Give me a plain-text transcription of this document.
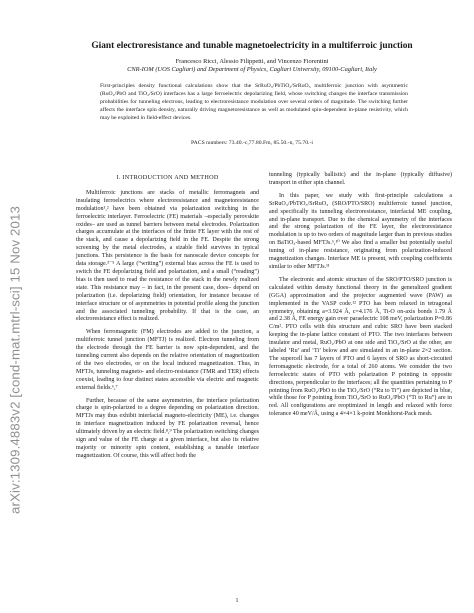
arXiv:1309.4883v2 [cond-mat.mtrl-sci] 15 Nov 2013
Giant electroresistance and tunable magnetoelectricity in a multiferroic junction
Francesco Ricci, Alessio Filippetti, and Vincenzo Fiorentini
CNR-IOM (UOS Cagliari) and Department of Physics, Cagliari University, 09100-Cagliari, Italy
First-principles density functional calculations show that the SrRuO₃/PbTiO₃/SrRuO₃ multiferroic junction with asymmetric (RuO₂/PbO and TiO₂/SrO) interfaces has a large ferroelectric depolarizing field, whose switching changes the interface transmission probabilities for tunneling electrons, leading to electroresistance modulation over several orders of magnitude. The switching further affects the interface spin density, naturally driving magnetoresistance as well as modulated spin-dependent in-plane resistivity, which may be exploited in field-effect devices.
PACS numbers: 73.40.-c,77.80.Fm, 85.50.-n, 75.70.-i
I. INTRODUCTION AND METHOD

Multiferroic junctions are stacks of metallic ferromagnets and insulating ferroelectrics where electroresistance and magnetoresistance modulation¹,² have been obtained via polarization switching in the ferroelectric interlayer. Ferroelectric (FE) materials –especially perovskite oxides– are used as tunnel barriers between metal electrodes. Polarization charges accumulate at the interfaces of the finite FE layer with the rest of the stack, and cause a depolarizing field in the FE. Despite the strong screening by the metal electrodes, a sizable field survives in typical junctions. This persistence is the basis for nanoscale device concepts for data storage.³⁻⁵ A large (“writing”) external bias across the FE is used to switch the FE depolarizing field and polarization, and a small (“reading”) bias is then used to read the resistance of the stack in the newly realized state. This resistance may – in fact, in the present case, does– depend on polarization (i.e. depolarizing field) orientation, for instance because of interface structure or of asymmetries in potential profile along the junction and the associated tunneling probability. If that is the case, an electroresistance effect is realized.

When ferromagnetic (FM) electrodes are added to the junction, a multiferroic tunnel junction (MFTJ) is realized. Electron tunneling from the electrode through the FE barrier is now spin-dependent, and the tunneling current also depends on the relative orientation of magnetization of the two electrodes, or on the local induced magnetization. Thus, in MFTJs, tunneling magneto- and electro-resistance (TMR and TER) effects coexist, leading to four distinct states accessible via electric and magnetic external fields.⁶,⁷

Further, because of the same asymmetries, the interface polarization charge is spin-polarized to a degree depending on polarization direction. MFTJs may thus exhibit interfacial magneto-electricity (ME), i.e. changes in interface magnetization induced by FE polarization reversal, hence ultimately driven by an electric field.⁸,⁹ The polarization switching changes sign and value of the FE charge at a given interface, but also its relative majority or minority spin content, establishing a tunable interface magnetization. Of course, this will affect both the

tunneling (typically ballistic) and the in-plane (typically diffusive) transport in either spin channel.

In this paper, we study with first-principle calculations a SrRuO₃/PbTiO₃/SrRuO₃ (SRO/PTO/SRO) multiferroic tunnel junction, and specifically its tunneling electroresistance, interfacial ME coupling, and in-plane transport. Due to the chemical asymmetry of the interfaces and the strong polarization of the FE layer, the electroresistance modulation is up to two orders of magnitude larger than in previous studies on BaTiO₃-based MFTJs.⁶,¹⁰ We also find a smaller but potentially useful tuning of in-plane resistance, originating from polarization-induced magnetization changes. Interface ME is present, with coupling coefficients similar to other MFTJs.¹¹

The electronic and atomic structure of the SRO/PTO/SRO junction is calculated within density functional theory in the generalized gradient (GGA) approximation and the projector augmented wave (PAW) as implemented in the VASP code.¹² PTO has been relaxed in tetragonal symmetry, obtaining a=3.924 Å, c=4.176 Å, Ti-O on-axis bonds 1.79 Å and 2.38 Å, FE energy gain over paraelectric 108 meV, polarization P=0.86 C/m². PTO cells with this structure and cubic SRO have been stacked keeping the in-plane lattice constant of PTO. The two interfaces between insulator and metal, RuO₂/PbO at one side and TiO₂/SrO at the other, are labeled ‘Ru’ and ‘Ti’ below and are simulated in an in-plane 2×2 section. The supercell has 7 layers of PTO and 6 layers of SRO as short-circuited ferromagnetic electrode, for a total of 260 atoms. We consider the two ferroelectric states of PTO with polarization P pointing in opposite directions, perpendicular to the interfaces; all the quantities pertaining to P pointing from RuO₂/PbO to the TiO₂/SrO (“Ru to Ti”) are depicted in blue, while those for P pointing from TiO₂/SrO to RuO₂/PbO (“Ti to Ru”) are in red. All configurations are reoptimized in length and relaxed with force tolerance 40 meV/Å, using a 4×4×1 k-point Monkhorst-Pack mesh.

1
